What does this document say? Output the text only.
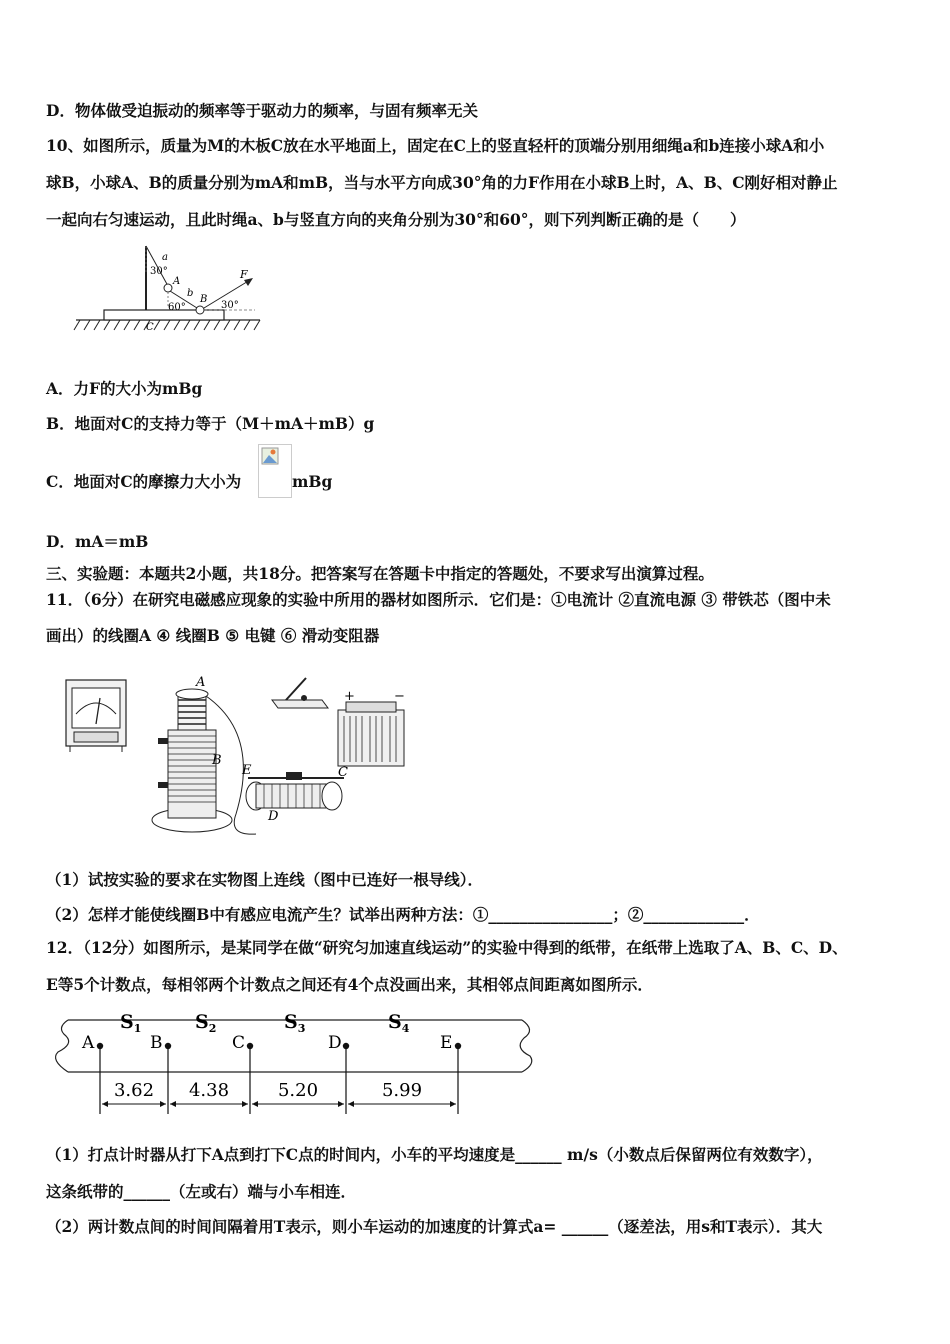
D．物体做受迫振动的频率等于驱动力的频率，与固有频率无关
10、如图所示，质量为M的木板C放在水平地面上，固定在C上的竖直轻杆的顶端分别用细绳a和b连接小球A和小
球B，小球A、B的质量分别为mA和mB，当与水平方向成30°角的力F作用在小球B上时，A、B、C刚好相对静止
一起向右匀速运动，且此时绳a、b与竖直方向的夹角分别为30°和60°，则下列判断正确的是（　　）
a
30°
A
b
60°
B
F
30°
C
A．力F的大小为mBg
B．地面对C的支持力等于（M＋mA＋mB）g
C．地面对C的摩擦力大小为	mBg
D．mA＝mB
三、实验题：本题共2小题，共18分。把答案写在答题卡中指定的答题处，不要求写出演算过程。
11．（6分）在研究电磁感应现象的实验中所用的器材如图所示．它们是：①电流计 ②直流电源 ③ 带铁芯（图中未
画出）的线圈A ④ 线圈B ⑤ 电键 ⑥ 滑动变阻器
A
B
E	C
D
+	−
（1）试按实验的要求在实物图上连线（图中已连好一根导线）．
（2）怎样才能使线圈B中有感应电流产生？试举出两种方法：①________________；②_____________．
12．（12分）如图所示，是某同学在做“研究匀加速直线运动”的实验中得到的纸带，在纸带上选取了A、B、C、D、
E等5个计数点，每相邻两个计数点之间还有4个点没画出来，其相邻点间距离如图所示．
A	B	C	D	E
$S_1$	$S_2$	$S_3$	$S_4$
3.62 4.38	5.20	5.99
（1）打点计时器从打下A点到打下C点的时间内，小车的平均速度是______ m/s（小数点后保留两位有效数字），
这条纸带的______（左或右）端与小车相连．
（2）两计数点间的时间间隔着用T表示，则小车运动的加速度的计算式a= ______（逐差法，用s和T表示）．其大
